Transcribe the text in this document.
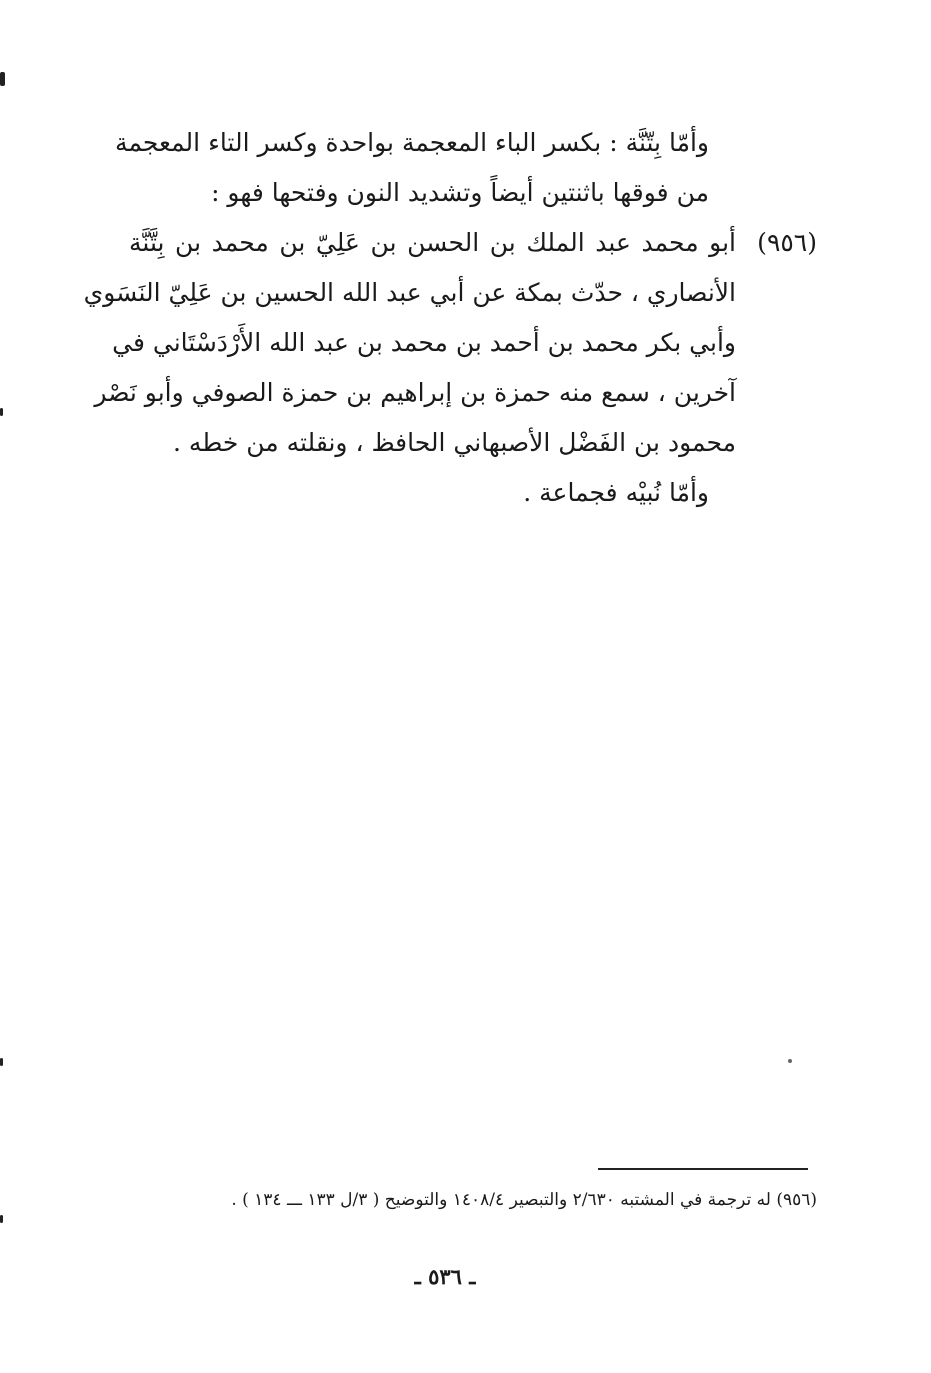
وأمّا بِتّنَّة : بكسر الباء المعجمة بواحدة وكسر التاء المعجمة
من فوقها باثنتين أيضاً وتشديد النون وفتحها فهو :
(٩٥٦)
أبو محمد عبد الملك بن الحسن بن عَلِيّ بن محمد بن بِتَّنَّة
الأنصاري ، حدّث بمكة عن أبي عبد الله الحسين بن عَلِيّ النَسَوي
وأبي بكر محمد بن أحمد بن محمد بن عبد الله الأَرْدَسْتَاني في
آخرين ، سمع منه حمزة بن إبراهيم بن حمزة الصوفي وأبو نَصْر
محمود بن الفَضْل الأصبهاني الحافظ ، ونقلته من خطه .
وأمّا نُبيْه فجماعة .
(٩٥٦) له ترجمة في المشتبه ٢/٦٣٠ والتبصير ١٤٠٨/٤ والتوضيح ( ٣/ل ١٣٣ ـــ ١٣٤ ) .
ـ ٥٣٦ ـ
